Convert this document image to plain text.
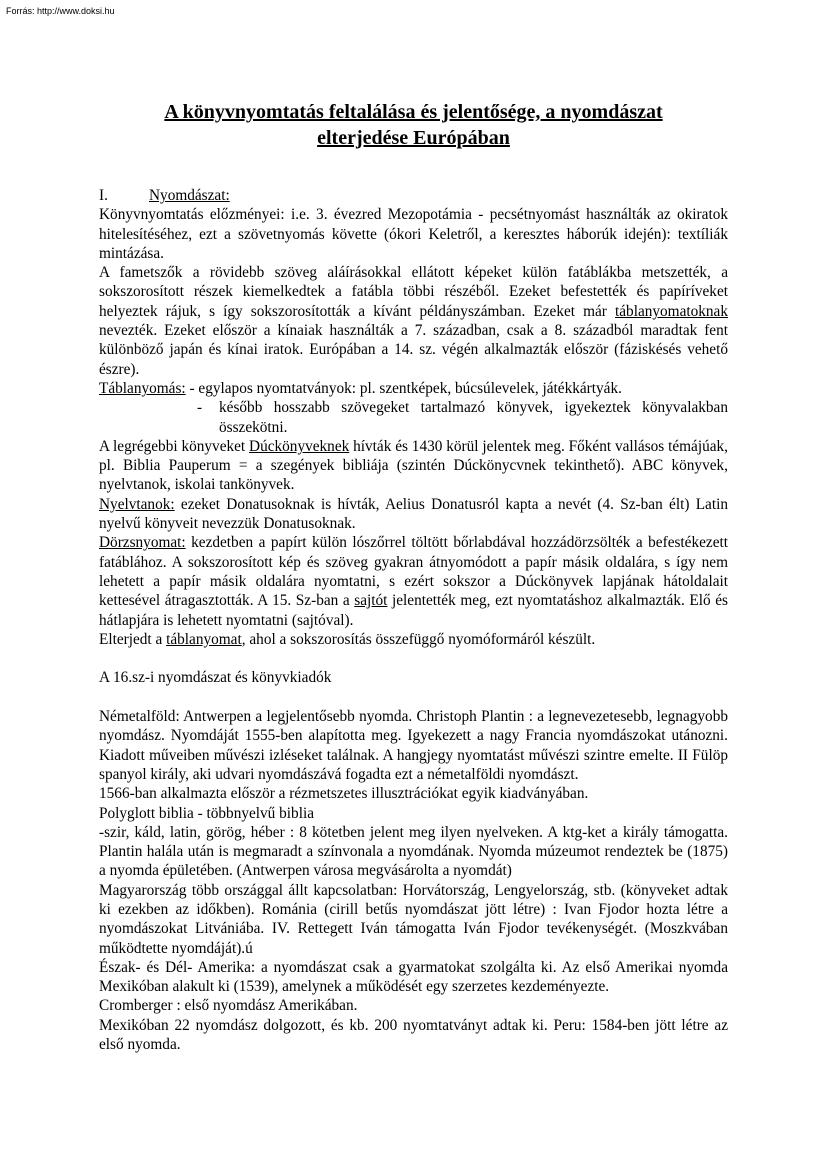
Forrás: http://www.doksi.hu
A könyvnyomtatás feltalálása és jelentősége, a nyomdászat
elterjedése Európában
I.	Nyomdászat:

Könyvnyomtatás előzményei: i.e. 3. évezred Mezopotámia - pecsétnyomást használták az okiratok hitelesítéséhez, ezt a szövetnyomás követte (ókori Keletről, a keresztes háborúk idején): textíliák mintázása.

A fametszők a rövidebb szöveg aláírásokkal ellátott képeket külön fatáblákba metszették, a sokszorosított részek kiemelkedtek a fatábla többi részéből. Ezeket befestették és papíríveket helyeztek rájuk, s így sokszorosították a kívánt példányszámban. Ezeket már táblanyomatoknak nevezték. Ezeket először a kínaiak használták a 7. században, csak a 8. századból maradtak fent különböző japán és kínai iratok. Európában a 14. sz. végén alkalmazták először (fáziskésés vehető észre).

Táblanyomás: - egylapos nyomtatványok: pl. szentképek, búcsúlevelek, játékkártyák.

-	később hosszabb szövegeket tartalmazó könyvek, igyekeztek könyvalakban összekötni.

A legrégebbi könyveket Dúckönyveknek hívták és 1430 körül jelentek meg. Főként vallásos témájúak, pl. Biblia Pauperum = a szegények bibliája (szintén Dúckönycvnek tekinthető). ABC könyvek, nyelvtanok, iskolai tankönyvek.

Nyelvtanok: ezeket Donatusoknak is hívták, Aelius Donatusról kapta a nevét (4. Sz-ban élt) Latin nyelvű könyveit nevezzük Donatusoknak.

Dörzsnyomat: kezdetben a papírt külön lószőrrel töltött bőrlabdával hozzádörzsölték a befestékezett fatáblához. A sokszorosított kép és szöveg gyakran átnyomódott a papír másik oldalára, s így nem lehetett a papír másik oldalára nyomtatni, s ezért sokszor a Dúckönyvek lapjának hátoldalait kettesével átragasztották. A 15. Sz-ban a sajtót jelentették meg, ezt nyomtatáshoz alkalmazták. Elő és hátlapjára is lehetett nyomtatni (sajtóval).

Elterjedt a táblanyomat, ahol a sokszorosítás összefüggő nyomóformáról készült.

A 16.sz-i nyomdászat és könyvkiadók

Németalföld: Antwerpen a legjelentősebb nyomda. Christoph Plantin : a legnevezetesebb, legnagyobb nyomdász. Nyomdáját 1555-ben alapította meg. Igyekezett a nagy Francia nyomdászokat utánozni. Kiadott műveiben művészi izléseket találnak. A hangjegy nyomtatást művészi szintre emelte. II Fülöp spanyol király, aki udvari nyomdászává fogadta ezt a németalföldi nyomdászt.

1566-ban alkalmazta először a rézmetszetes illusztrációkat egyik kiadványában.

Polyglott biblia - többnyelvű biblia

-szir, káld, latin, görög, héber : 8 kötetben jelent meg ilyen nyelveken. A ktg-ket a király támogatta. Plantin halála után is megmaradt a színvonala a nyomdának. Nyomda múzeumot rendeztek be (1875) a nyomda épületében. (Antwerpen városa megvásárolta a nyomdát)

Magyarország több országgal állt kapcsolatban: Horvátország, Lengyelország, stb. (könyveket adtak ki ezekben az időkben). Románia (cirill betűs nyomdászat jött létre) : Ivan Fjodor hozta létre a nyomdászokat Litvániába. IV. Rettegett Iván támogatta Iván Fjodor tevékenységét. (Moszkvában működtette nyomdáját).ú

Észak- és Dél- Amerika: a nyomdászat csak a gyarmatokat szolgálta ki. Az első Amerikai nyomda Mexikóban alakult ki (1539), amelynek a működését egy szerzetes kezdeményezte.

Cromberger : első nyomdász Amerikában.

Mexikóban 22 nyomdász dolgozott, és kb. 200 nyomtatványt adtak ki. Peru: 1584-ben jött létre az első nyomda.
